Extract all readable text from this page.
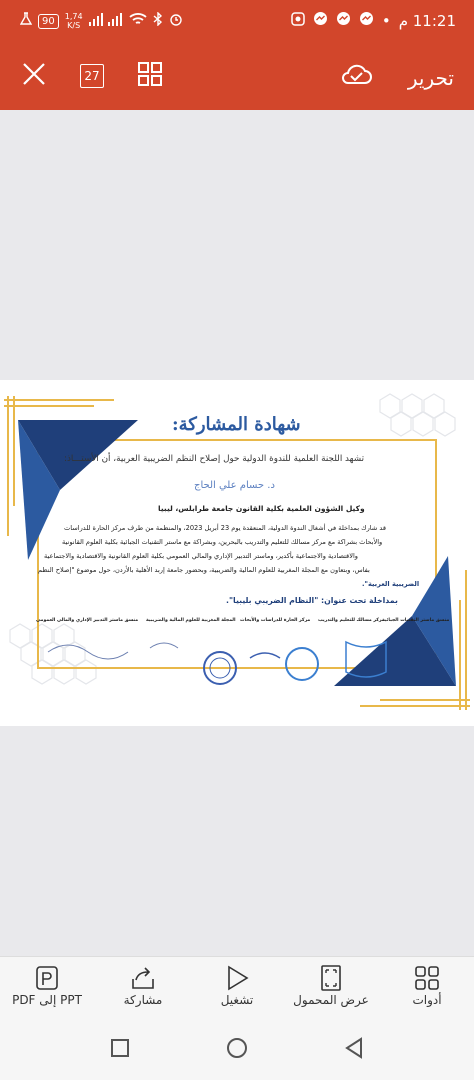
90	1,74
K/S	• 11:21 م
27	تحرير
شهادة المشاركة:
تشهد اللجنة العلمية للندوة الدولية حول إصلاح النظم الضريبية العربية، أن الأستـــاذ:
د. حسام علي الحاج
وكيل الشؤون العلمية بكلية القانون جامعة طرابلس، ليبيا
قد شارك بمداخلة في أشغال الندوة الدولية، المنعقدة يوم 23 أبريل 2023، والمنظمة من طرف مركز الحارة للدراسات
والأبحاث بشراكة مع مركز مسالك للتعليم والتدريب بالبحرين، وبشراكة مع ماستر التقنيات الجبائية بكلية العلوم القانونية
والاقتصادية والاجتماعية بأكدير، وماستر التدبير الإداري والمالي العمومي بكلية العلوم القانونية والاقتصادية والاجتماعية
بفاس، وبتعاون مع المجلة المغربية للعلوم المالية والضريبية، وبحضور جامعة إربد الأهلية بالأردن، حول موضوع "إصلاح النظم
الضريبية العربية".
بمداخلة تحت عنوان: "النظام الضريبي بليبيا".
منسق ماستر التقنيات الجبائية
مركز مسالك للتعليم والتدريب
مركز الحارة للدراسات والأبحاث
المجلة المغربية للعلوم المالية والضريبية
منسق ماستر التدبير الإداري والمالي العمومي
أدوات
عرض المحمول
تشغيل
مشاركة
PDF إلى PPT
